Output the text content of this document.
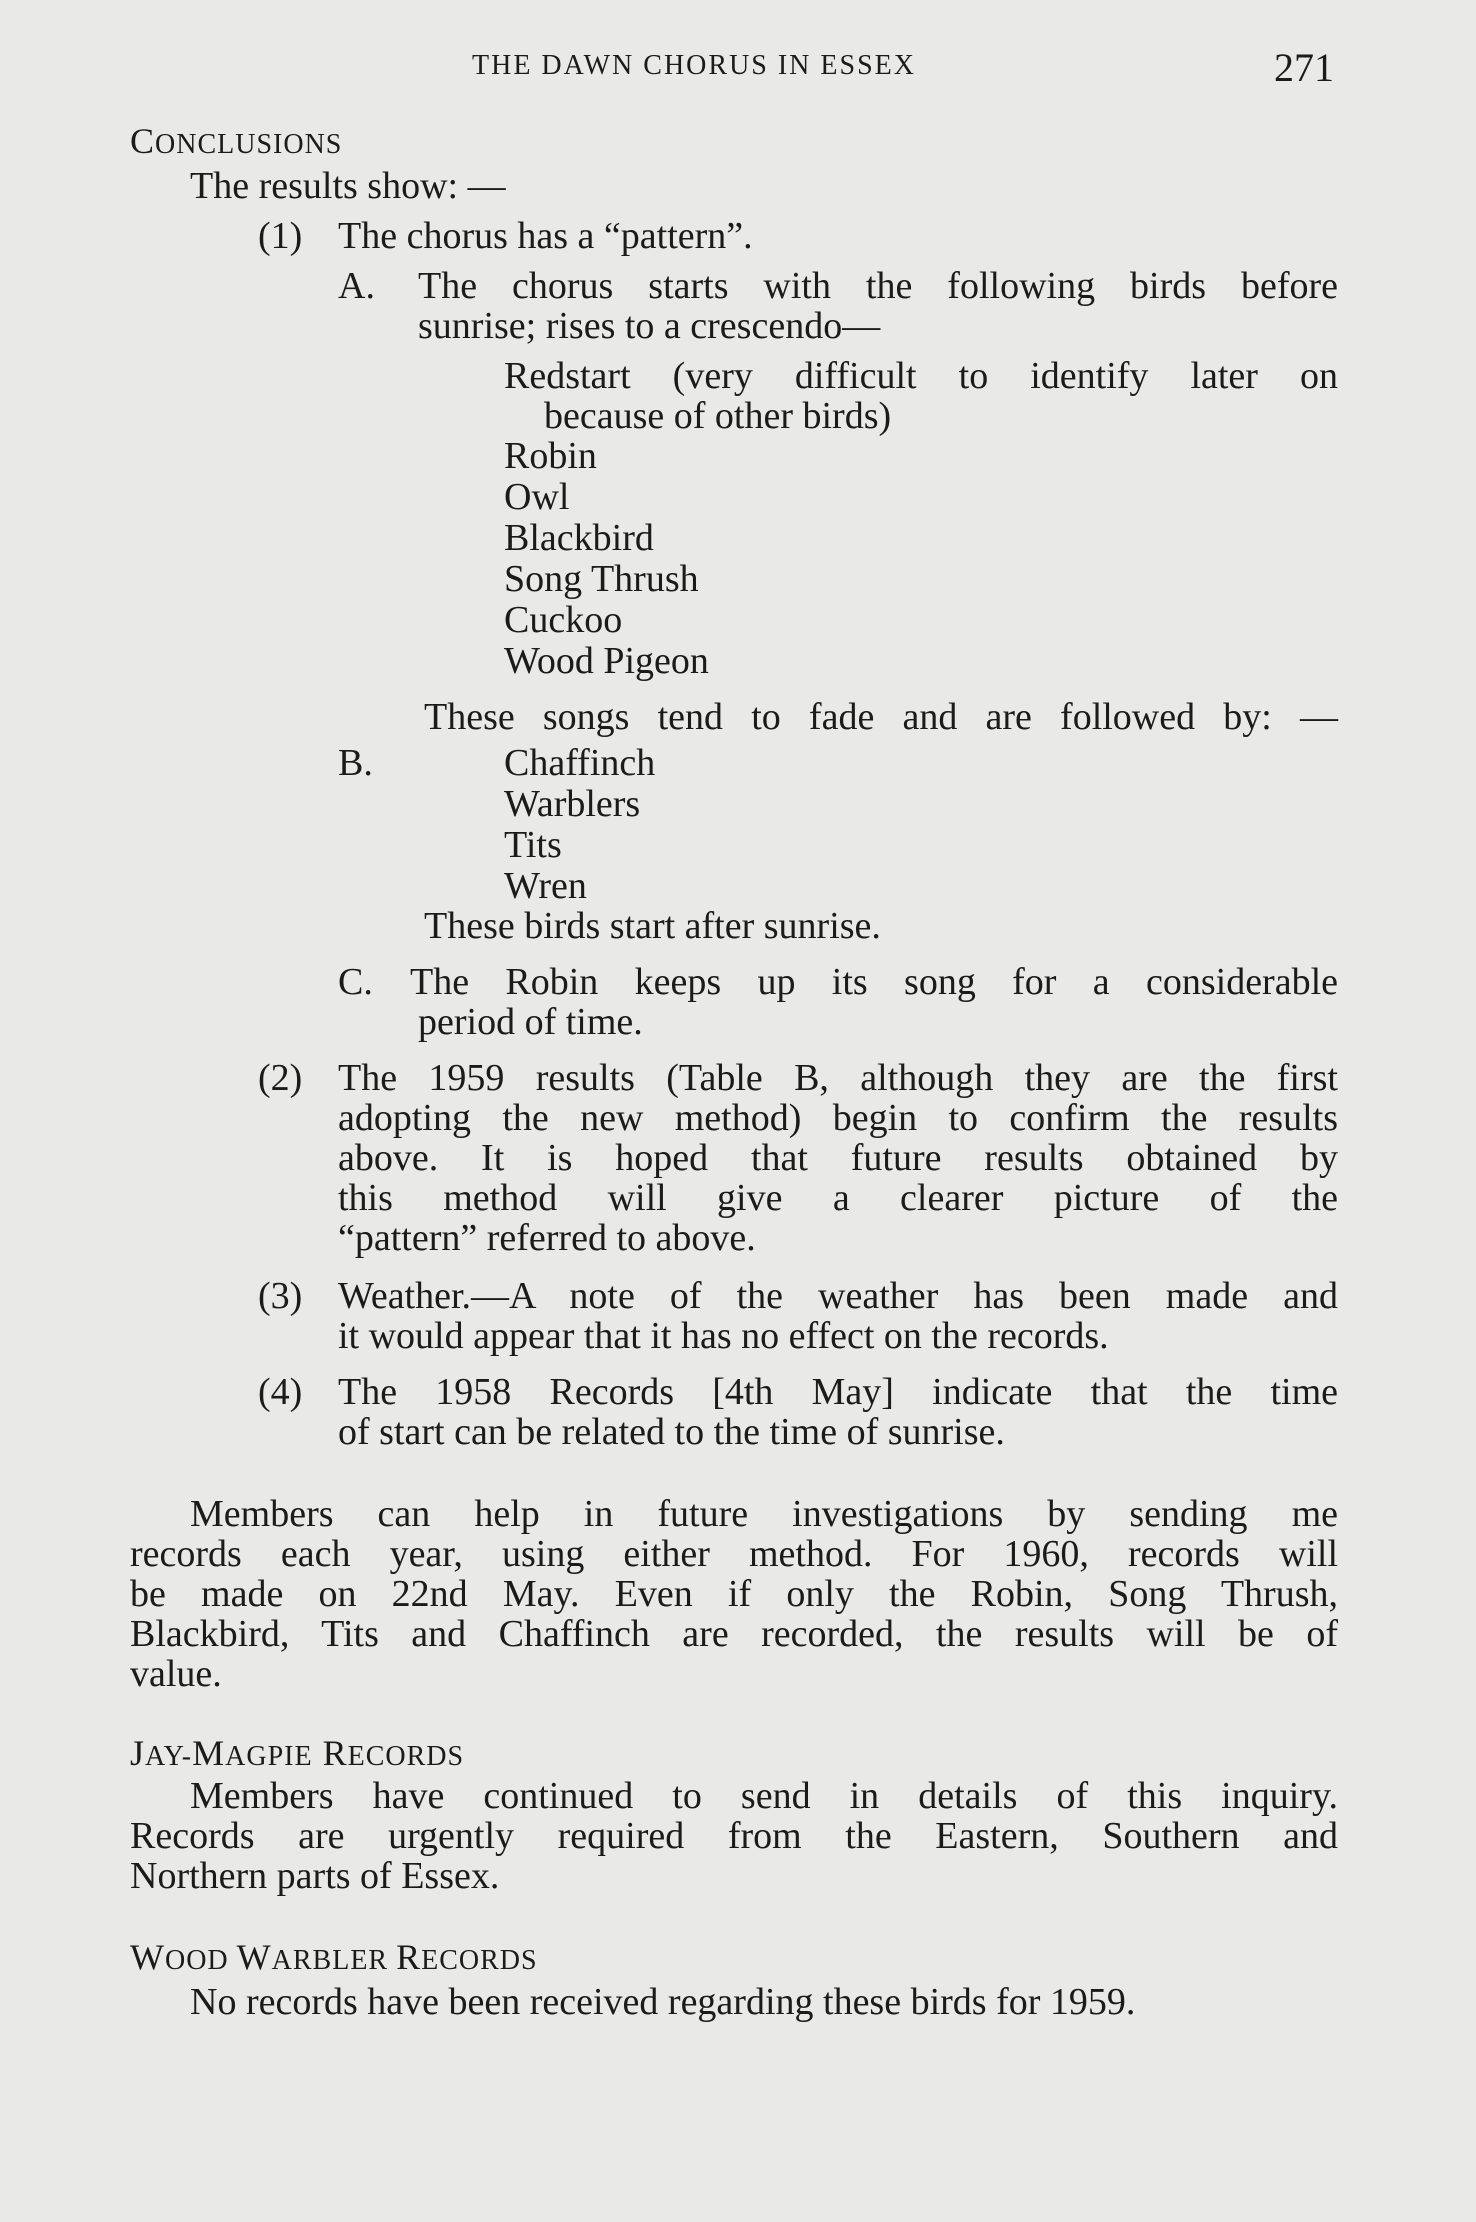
THE DAWN CHORUS IN ESSEX	271
CONCLUSIONS
The results show: —
(1) The chorus has a “pattern”.
A. The chorus starts with the following birds before
sunrise; rises to a crescendo—
Redstart (very difficult to identify later on
because of other birds)
Robin
Owl
Blackbird
Song Thrush
Cuckoo
Wood Pigeon
These songs tend to fade and are followed by: —
B.	Chaffinch
Warblers
Tits
Wren
These birds start after sunrise.
C. The Robin keeps up its song for a considerable
period of time.
(2) The 1959 results (Table B, although they are the first
adopting the new method) begin to confirm the results
above. It is hoped that future results obtained by
this method will give a clearer picture of the
“pattern” referred to above.
(3) Weather.—A note of the weather has been made and
it would appear that it has no effect on the records.
(4) The 1958 Records [4th May] indicate that the time
of start can be related to the time of sunrise.
Members can help in future investigations by sending me
records each year, using either method. For 1960, records will
be made on 22nd May. Even if only the Robin, Song Thrush,
Blackbird, Tits and Chaffinch are recorded, the results will be of
value.
JAY-MAGPIE RECORDS
Members have continued to send in details of this inquiry.
Records are urgently required from the Eastern, Southern and
Northern parts of Essex.
WOOD WARBLER RECORDS
No records have been received regarding these birds for 1959.
